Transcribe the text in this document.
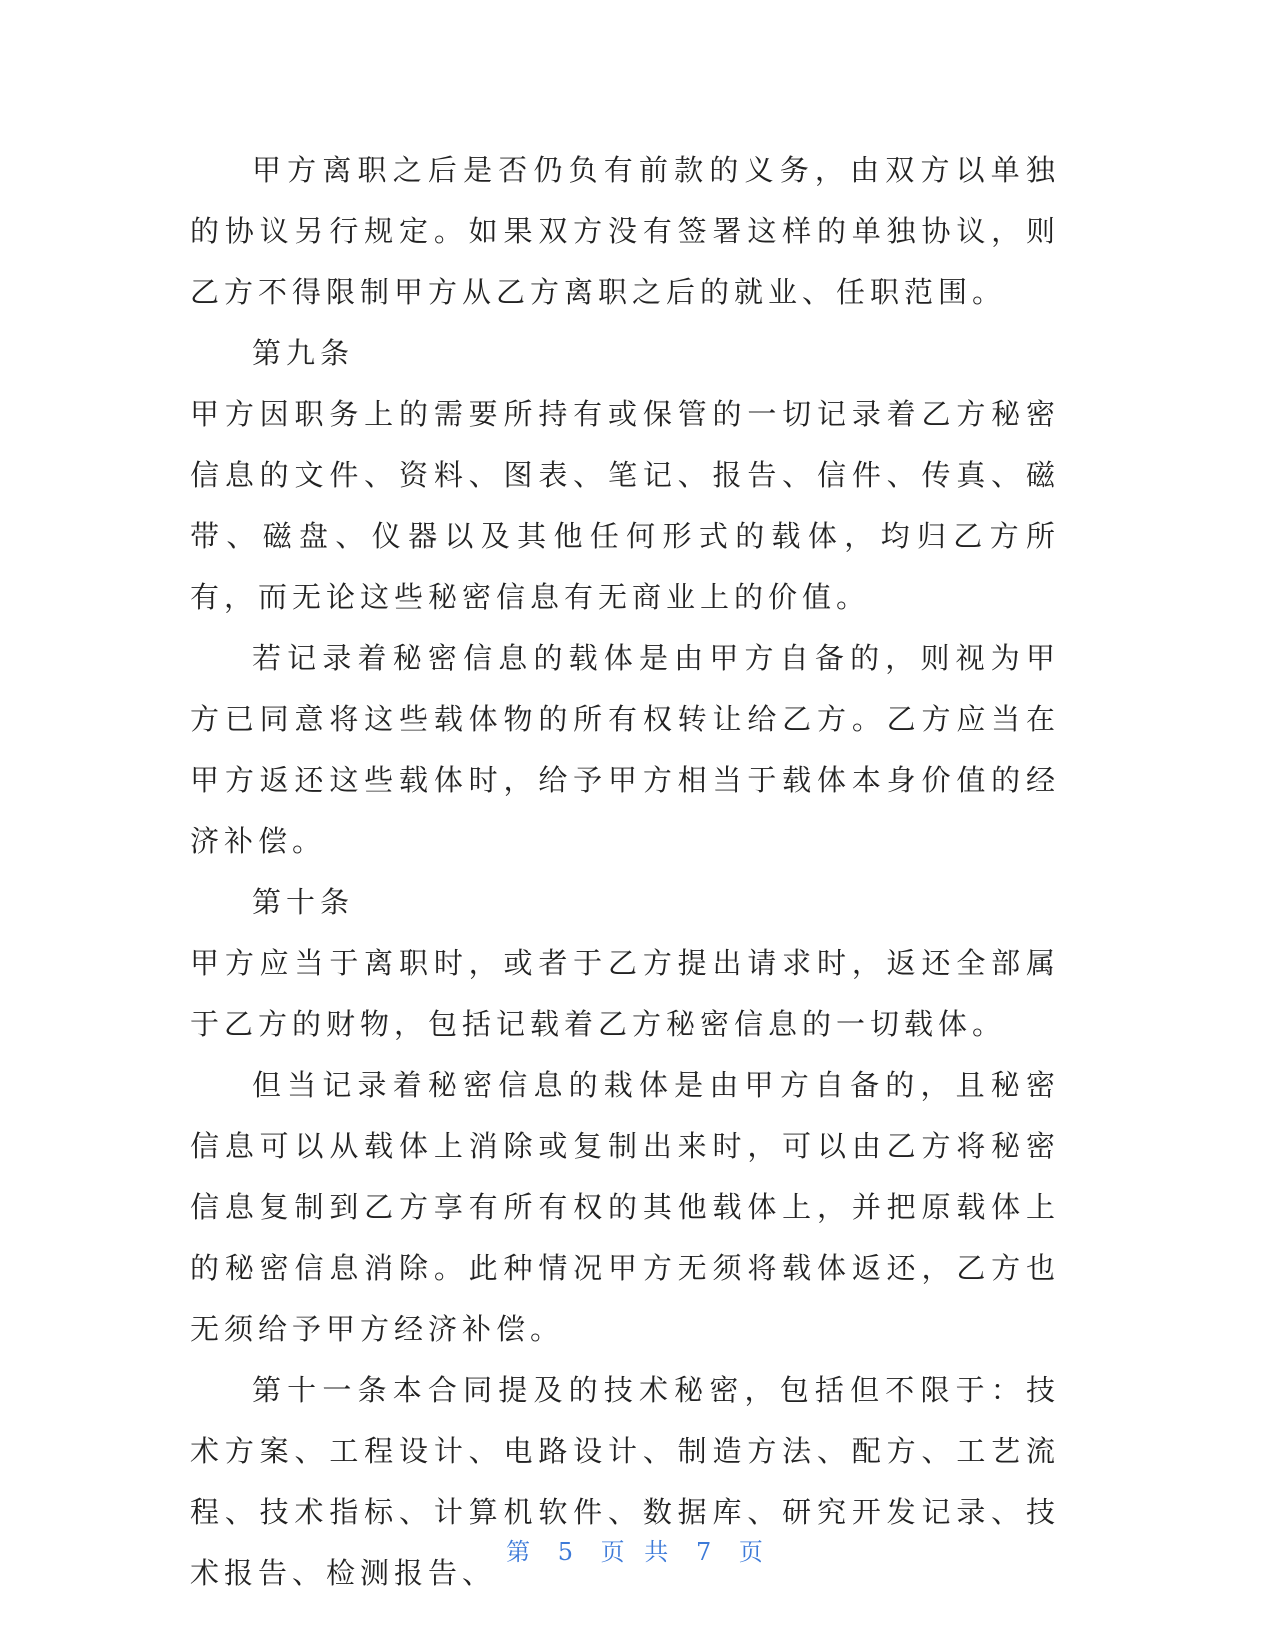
甲方离职之后是否仍负有前款的义务，由双方以单独的协议另行规定。如果双方没有签署这样的单独协议，则乙方不得限制甲方从乙方离职之后的就业、任职范围。

第九条

甲方因职务上的需要所持有或保管的一切记录着乙方秘密信息的文件、资料、图表、笔记、报告、信件、传真、磁带、磁盘、仪器以及其他任何形式的载体，均归乙方所有，而无论这些秘密信息有无商业上的价值。

若记录着秘密信息的载体是由甲方自备的，则视为甲方已同意将这些载体物的所有权转让给乙方。乙方应当在甲方返还这些载体时，给予甲方相当于载体本身价值的经济补偿。

第十条

甲方应当于离职时，或者于乙方提出请求时，返还全部属于乙方的财物，包括记载着乙方秘密信息的一切载体。

但当记录着秘密信息的栽体是由甲方自备的，且秘密信息可以从载体上消除或复制出来时，可以由乙方将秘密信息复制到乙方享有所有权的其他载体上，并把原载体上的秘密信息消除。此种情况甲方无须将载体返还，乙方也无须给予甲方经济补偿。

第十一条本合同提及的技术秘密，包括但不限于：技术方案、工程设计、电路设计、制造方法、配方、工艺流程、技术指标、计算机软件、数据库、研究开发记录、技术报告、检测报告、

第 5 页 共 7 页
